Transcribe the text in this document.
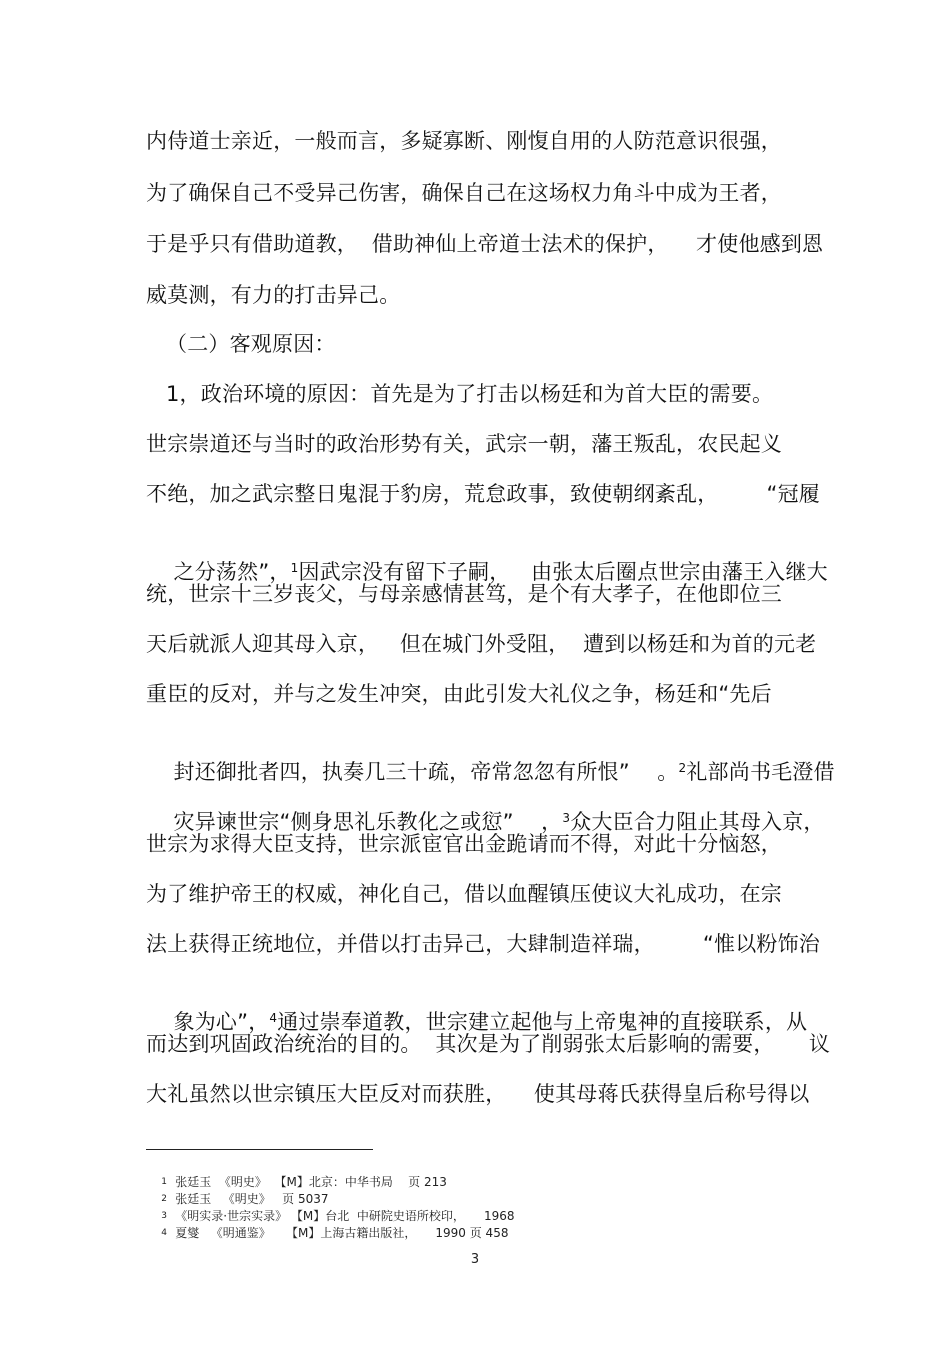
内侍道士亲近，一般而言，多疑寡断、刚愎自用的人防范意识很强，
为了确保自己不受异己伤害，确保自己在这场权力角斗中成为王者，
于是乎只有借助道教，  借助神仙上帝道士法术的保护，    才使他感到恩
威莫测，有力的打击异己。
（二）客观原因：
1，政治环境的原因：首先是为了打击以杨廷和为首大臣的需要。
世宗崇道还与当时的政治形势有关，武宗一朝，藩王叛乱，农民起义
不绝，加之武宗整日鬼混于豹房，荒怠政事，致使朝纲紊乱，       “冠履

之分荡然”，$^1$因武宗没有留下子嗣，   由张太后圈点世宗由藩王入继大

统，世宗十三岁丧父，与母亲感情甚笃，是个有大孝子，在他即位三
天后就派人迎其母入京，   但在城门外受阻，  遭到以杨廷和为首的元老
重臣的反对，并与之发生冲突，由此引发大礼仪之争，杨廷和“先后

封还御批者四，执奏几三十疏，帝常忽忽有所恨”    。$^2$礼部尚书毛澄借

灾异谏世宗“侧身思礼乐教化之或愆”    ，$^3$众大臣合力阻止其母入京，

世宗为求得大臣支持，世宗派宦官出金跪请而不得，对此十分恼怒，
为了维护帝王的权威，神化自己，借以血醒镇压使议大礼成功，在宗
法上获得正统地位，并借以打击异己，大肆制造祥瑞，       “惟以粉饰治

象为心”，$^4$通过崇奉道教，世宗建立起他与上帝鬼神的直接联系，从

而达到巩固政治统治的目的。  其次是为了削弱张太后影响的需要，     议
大礼虽然以世宗镇压大臣反对而获胜，    使其母蒋氏获得皇后称号得以

1 张廷玉  《明史》  【M】北京：中华书局    页 213

2 张廷玉   《明史》   页 5037

3 《明实录·世宗实录》 【M】台北  中研院史语所校印，     1968

4 夏燮   《明通鉴》    【M】上海古籍出版社，     1990 页 458

3
